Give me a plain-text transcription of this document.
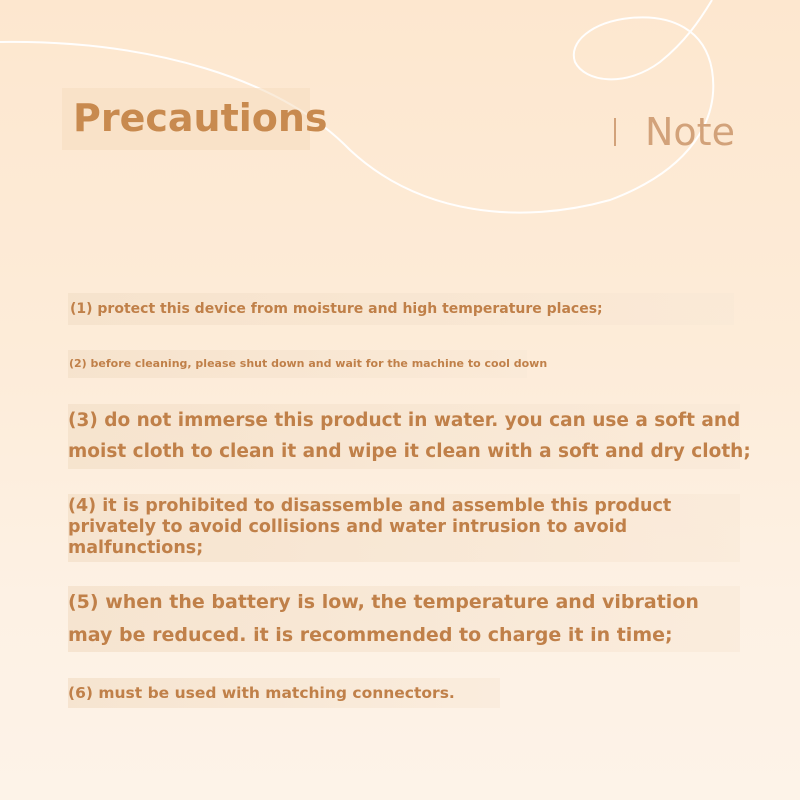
Precautions	Note

(1) protect this device from moisture and high temperature places;

(2) before cleaning, please shut down and wait for the machine to cool down

(3) do not immerse this product in water. you can use a soft and
moist cloth to clean it and wipe it clean with a soft and dry cloth;

(4) it is prohibited to disassemble and assemble this product
privately to avoid collisions and water intrusion to avoid
malfunctions;

(5) when the battery is low, the temperature and vibration
may be reduced. it is recommended to charge it in time;

(6) must be used with matching connectors.
